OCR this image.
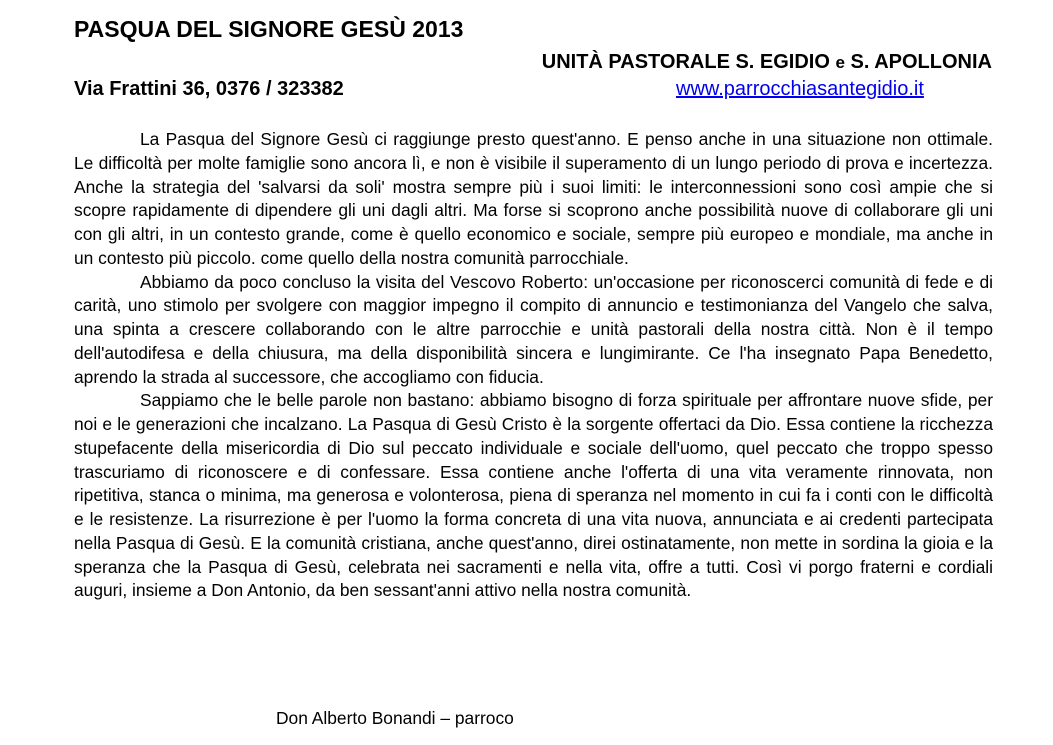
PASQUA DEL SIGNORE GESÙ 2013
UNITÀ PASTORALE S. EGIDIO e S. APOLLONIA
Via Frattini 36, 0376 / 323382	www.parrocchiasantegidio.it

La Pasqua del Signore Gesù ci raggiunge presto quest'anno. E penso anche in una situazione non ottimale. Le difficoltà per molte famiglie sono ancora lì, e non è visibile il superamento di un lungo periodo di prova e incertezza. Anche la strategia del 'salvarsi da soli' mostra sempre più i suoi limiti: le interconnessioni sono così ampie che si scopre rapidamente di dipendere gli uni dagli altri. Ma forse si scoprono anche possibilità nuove di collaborare gli uni con gli altri, in un contesto grande, come è quello economico e sociale, sempre più europeo e mondiale, ma anche in un contesto più piccolo. come quello della nostra comunità parrocchiale.

Abbiamo da poco concluso la visita del Vescovo Roberto: un'occasione per riconoscerci comunità di fede e di carità, uno stimolo per svolgere con maggior impegno il compito di annuncio e testimonianza del Vangelo che salva, una spinta a crescere collaborando con le altre parrocchie e unità pastorali della nostra città. Non è il tempo dell'autodifesa e della chiusura, ma della disponibilità sincera e lungimirante. Ce l'ha insegnato Papa Benedetto, aprendo la strada al successore, che accogliamo con fiducia.

Sappiamo che le belle parole non bastano: abbiamo bisogno di forza spirituale per affrontare nuove sfide, per noi e le generazioni che incalzano. La Pasqua di Gesù Cristo è la sorgente offertaci da Dio. Essa contiene la ricchezza stupefacente della misericordia di Dio sul peccato individuale e sociale dell'uomo, quel peccato che troppo spesso trascuriamo di riconoscere e di confessare. Essa contiene anche l'offerta di una vita veramente rinnovata, non ripetitiva, stanca o minima, ma generosa e volonterosa, piena di speranza nel momento in cui fa i conti con le difficoltà e le resistenze. La risurrezione è per l'uomo la forma concreta di una vita nuova, annunciata e ai credenti partecipata nella Pasqua di Gesù. E la comunità cristiana, anche quest'anno, direi ostinatamente, non mette in sordina la gioia e la speranza che la Pasqua di Gesù, celebrata nei sacramenti e nella vita, offre a tutti. Così vi porgo fraterni e cordiali auguri, insieme a Don Antonio, da ben sessant'anni attivo nella nostra comunità.

Don Alberto Bonandi – parroco
